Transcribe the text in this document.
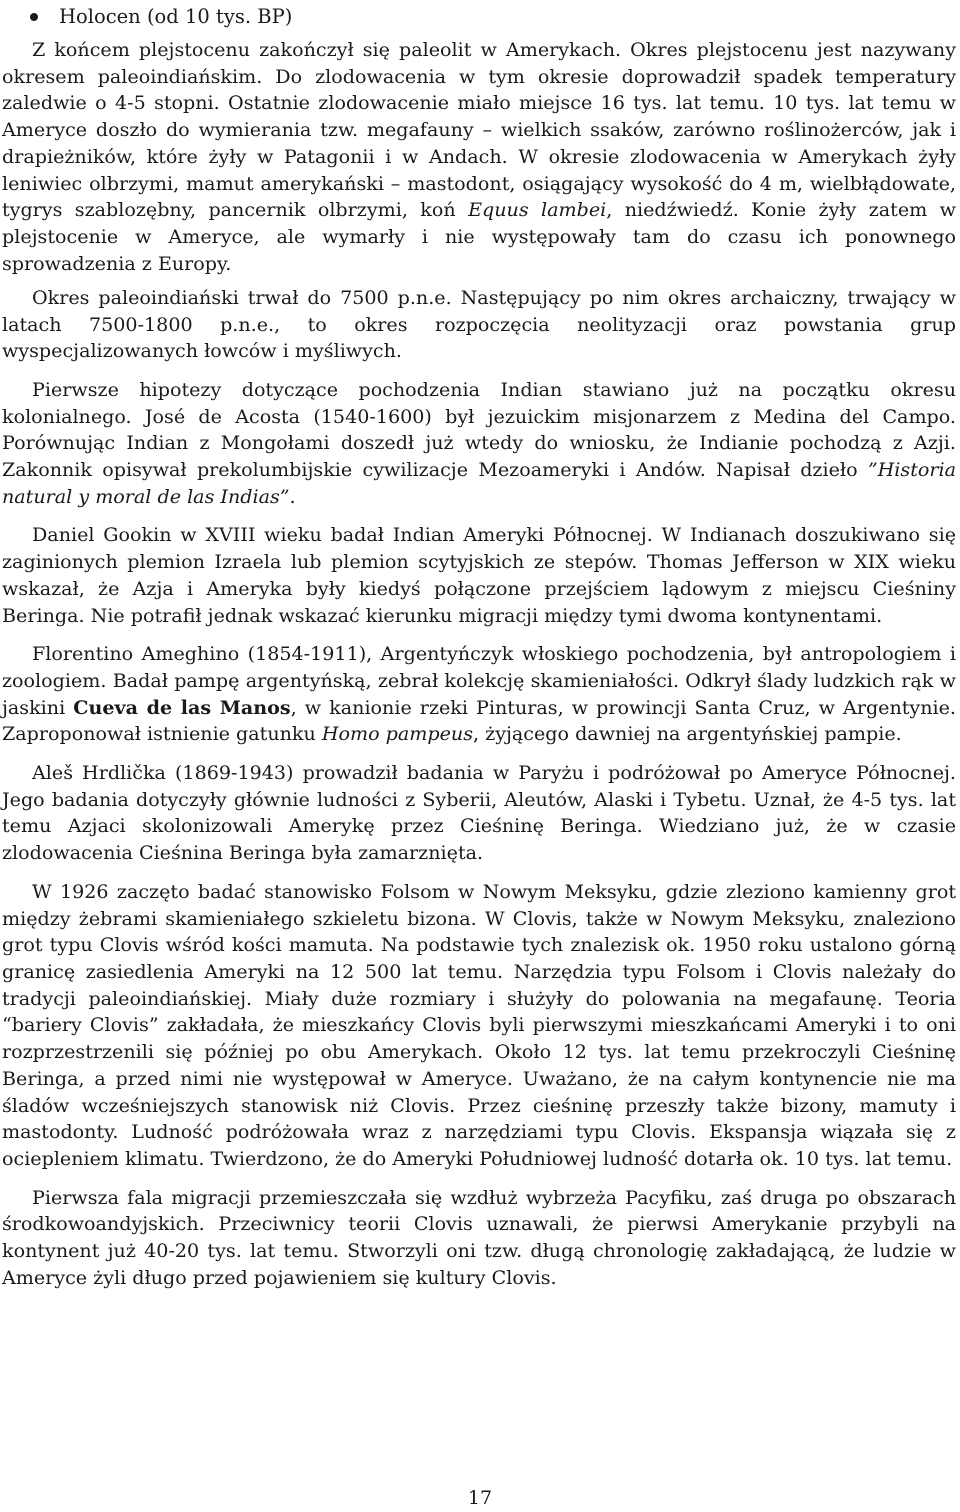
Holocen (od 10 tys. BP)

Z końcem plejstocenu zakończył się paleolit w Amerykach. Okres plejstocenu jest nazywany okresem paleoindiańskim. Do zlodowacenia w tym okresie doprowadził spadek temperatury zaledwie o 4-5 stopni. Ostatnie zlodowacenie miało miejsce 16 tys. lat temu. 10 tys. lat temu w Ameryce doszło do wymierania tzw. megafauny – wielkich ssaków, zarówno roślinożerców, jak i drapieżników, które żyły w Patagonii i w Andach. W okresie zlodowacenia w Amerykach żyły leniwiec olbrzymi, mamut amerykański – mastodont, osiągający wysokość do 4 m, wielbłądowate, tygrys szablozębny, pancernik olbrzymi, koń Equus lambei, niedźwiedź. Konie żyły zatem w plejstocenie w Ameryce, ale wymarły i nie występowały tam do czasu ich ponownego sprowadzenia z Europy.

Okres paleoindiański trwał do 7500 p.n.e. Następujący po nim okres archaiczny, trwający w latach 7500-1800 p.n.e., to okres rozpoczęcia neolityzacji oraz powstania grup wyspecjalizowanych łowców i myśliwych.

Pierwsze hipotezy dotyczące pochodzenia Indian stawiano już na początku okresu kolonialnego. José de Acosta (1540-1600) był jezuickim misjonarzem z Medina del Campo. Porównując Indian z Mongołami doszedł już wtedy do wniosku, że Indianie pochodzą z Azji. Zakonnik opisywał prekolumbijskie cywilizacje Mezoameryki i Andów. Napisał dzieło ”Historia natural y moral de las Indias”.

Daniel Gookin w XVIII wieku badał Indian Ameryki Północnej. W Indianach doszukiwano się zaginionych plemion Izraela lub plemion scytyjskich ze stepów. Thomas Jefferson w XIX wieku wskazał, że Azja i Ameryka były kiedyś połączone przejściem lądowym z miejscu Cieśniny Beringa. Nie potrafił jednak wskazać kierunku migracji między tymi dwoma kontynentami.

Florentino Ameghino (1854-1911), Argentyńczyk włoskiego pochodzenia, był antropologiem i zoologiem. Badał pampę argentyńską, zebrał kolekcję skamieniałości. Odkrył ślady ludzkich rąk w jaskini Cueva de las Manos, w kanionie rzeki Pinturas, w prowincji Santa Cruz, w Argentynie. Zaproponował istnienie gatunku Homo pampeus, żyjącego dawniej na argentyńskiej pampie.

Aleš Hrdlička (1869-1943) prowadził badania w Paryżu i podróżował po Ameryce Północnej. Jego badania dotyczyły głównie ludności z Syberii, Aleutów, Alaski i Tybetu. Uznał, że 4-5 tys. lat temu Azjaci skolonizowali Amerykę przez Cieśninę Beringa. Wiedziano już, że w czasie zlodowacenia Cieśnina Beringa była zamarznięta.

W 1926 zaczęto badać stanowisko Folsom w Nowym Meksyku, gdzie zleziono kamienny grot między żebrami skamieniałego szkieletu bizona. W Clovis, także w Nowym Meksyku, znaleziono grot typu Clovis wśród kości mamuta. Na podstawie tych znalezisk ok. 1950 roku ustalono górną granicę zasiedlenia Ameryki na 12 500 lat temu. Narzędzia typu Folsom i Clovis należały do tradycji paleoindiańskiej. Miały duże rozmiary i służyły do polowania na megafaunę. Teoria “bariery Clovis” zakładała, że mieszkańcy Clovis byli pierwszymi mieszkańcami Ameryki i to oni rozprzestrzenili się później po obu Amerykach. Około 12 tys. lat temu przekroczyli Cieśninę Beringa, a przed nimi nie występował w Ameryce. Uważano, że na całym kontynencie nie ma śladów wcześniejszych stanowisk niż Clovis. Przez cieśninę przeszły także bizony, mamuty i mastodonty. Ludność podróżowała wraz z narzędziami typu Clovis. Ekspansja wiązała się z ociepleniem klimatu. Twierdzono, że do Ameryki Południowej ludność dotarła ok. 10 tys. lat temu.

Pierwsza fala migracji przemieszczała się wzdłuż wybrzeża Pacyfiku, zaś druga po obszarach środkowoandyjskich. Przeciwnicy teorii Clovis uznawali, że pierwsi Amerykanie przybyli na kontynent już 40-20 tys. lat temu. Stworzyli oni tzw. długą chronologię zakładającą, że ludzie w Ameryce żyli długo przed pojawieniem się kultury Clovis.

17
